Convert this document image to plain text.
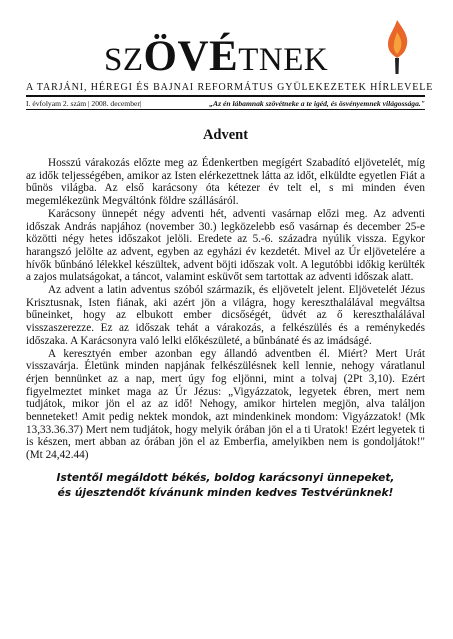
SZÖVÉTNEK
A TARJÁNI, HÉREGI ÉS BAJNAI REFORMÁTUS GYÜLEKEZETEK HÍRLEVELE
I. évfolyam 2. szám | 2008. december|	„Az én lábamnak szövétneke a te igéd, és ösvényemnek világossága."
Advent

Hosszú várakozás előzte meg az Édenkertben megígért Szabadító eljövetelét, míg az idők teljességében, amikor az Isten elérkezettnek látta az időt, elküldte egyetlen Fiát a bűnös világba. Az első karácsony óta kétezer év telt el, s mi minden éven megemlékezünk Megváltónk földre szállásáról.

Karácsony ünnepét négy adventi hét, adventi vasárnap előzi meg. Az adventi időszak András napjához (november 30.) legközelebb eső vasárnap és december 25-e közötti négy hetes időszakot jelöli. Eredete az 5.-6. századra nyúlik vissza. Egykor harangszó jelölte az advent, egyben az egyházi év kezdetét. Mivel az Úr eljövetelére a hívők bűnbánó lélekkel készültek, advent böjti időszak volt. A legutóbbi időkig kerülték a zajos mulatságokat, a táncot, valamint esküvőt sem tartottak az adventi időszak alatt.

Az advent a latin adventus szóból származik, és eljövetelt jelent. Eljövetelét Jézus Krisztusnak, Isten fiának, aki azért jön a világra, hogy kereszthalálával megváltsa bűneinket, hogy az elbukott ember dicsőségét, üdvét az ő kereszthalálával visszaszerezze. Ez az időszak tehát a várakozás, a felkészülés és a reménykedés időszaka. A Karácsonyra való lelki előkészületé, a bűnbánaté és az imádságé.

A keresztyén ember azonban egy állandó adventben él. Miért? Mert Urát visszavárja. Életünk minden napjának felkészülésnek kell lennie, nehogy váratlanul érjen bennünket az a nap, mert úgy fog eljönni, mint a tolvaj (2Pt 3,10). Ezért figyelmeztet minket maga az Úr Jézus: „Vigyázzatok, legyetek ébren, mert nem tudjátok, mikor jön el az az idő! Nehogy, amikor hirtelen megjön, alva találjon benneteket! Amit pedig nektek mondok, azt mindenkinek mondom: Vigyázzatok! (Mk 13,33.36.37) Mert nem tudjátok, hogy melyik órában jön el a ti Uratok! Ezért legyetek ti is készen, mert abban az órában jön el az Emberfia, amelyikben nem is gondoljátok!" (Mt 24,42.44)

Istentől megáldott békés, boldog karácsonyi ünnepeket,
és újesztendőt kívánunk minden kedves Testvérünknek!
